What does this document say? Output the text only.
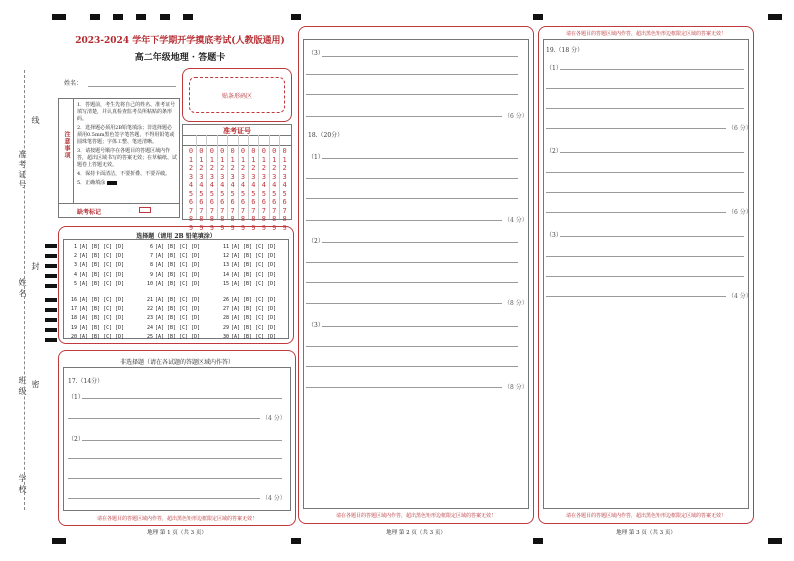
准考证号
线
姓名
封
班级 密
学校
2023-2024 学年下学期开学摸底考试(人教版通用)
高二年级地理 · 答题卡
姓名：
贴条形码区
注意事项
1．答题前，考生先将自己的姓名、准考证号填写清楚，并认真检查监考员所粘贴的条形码。
2．选择题必须用2B铅笔填涂；非选择题必须用0.5mm黑色签字笔答题，不得用铅笔或圆珠笔答题；字体工整、笔迹清晰。
3．请按题号顺序在各题目的答题区域内作答，超出区域书写的答案无效；在草稿纸、试题卷上答题无效。
4．保持卡面清洁，不要折叠、不要弄破。
5．正确填涂
缺考标记
准考证号
0
1
2
3
4
5
6
7
8
9
0
1
2
3
4
5
6
7
8
9
0
1
2
3
4
5
6
7
8
9
0
1
2
3
4
5
6
7
8
9
0
1
2
3
4
5
6
7
8
9
0
1
2
3
4
5
6
7
8
9
0
1
2
3
4
5
6
7
8
9
0
1
2
3
4
5
6
7
8
9
0
1
2
3
4
5
6
7
8
9
0
1
2
3
4
5
6
7
8
9
选择题（请用 2B 铅笔填涂）
1 [A] [B] [C] [D]
2 [A] [B] [C] [D]
3 [A] [B] [C] [D]
4 [A] [B] [C] [D]
5 [A] [B] [C] [D]
6 [A] [B] [C] [D]
7 [A] [B] [C] [D]
8 [A] [B] [C] [D]
9 [A] [B] [C] [D]
10 [A] [B] [C] [D]
11 [A] [B] [C] [D]
12 [A] [B] [C] [D]
13 [A] [B] [C] [D]
14 [A] [B] [C] [D]
15 [A] [B] [C] [D]
16 [A] [B] [C] [D]
17 [A] [B] [C] [D]
18 [A] [B] [C] [D]
19 [A] [B] [C] [D]
20 [A] [B] [C] [D]
21 [A] [B] [C] [D]
22 [A] [B] [C] [D]
23 [A] [B] [C] [D]
24 [A] [B] [C] [D]
25 [A] [B] [C] [D]
26 [A] [B] [C] [D]
27 [A] [B] [C] [D]
28 [A] [B] [C] [D]
29 [A] [B] [C] [D]
30 [A] [B] [C] [D]
非选择题（请在各试题的答题区域内作答）
17.（14分）
（1）
（4 分）
（2）
（4 分）
请在各题目的答题区域内作答，超出黑色矩形边框限定区域的答案无效！
地理 第 1 页（共 3 页）
（3）
（6 分）
18.（20分）
（1）
（4 分）
（2）
（8 分）
（3）
（8 分）
请在各题目的答题区域内作答，超出黑色矩形边框限定区域的答案无效！
地理 第 2 页（共 3 页）
请在各题目的答题区域内作答，超出黑色矩形边框限定区域的答案无效！
19.（18 分）
（1）
（6 分）
（2）
（6 分）
（3）
（4 分）
请在各题目的答题区域内作答，超出黑色矩形边框限定区域的答案无效！
地理 第 3 页（共 3 页）
